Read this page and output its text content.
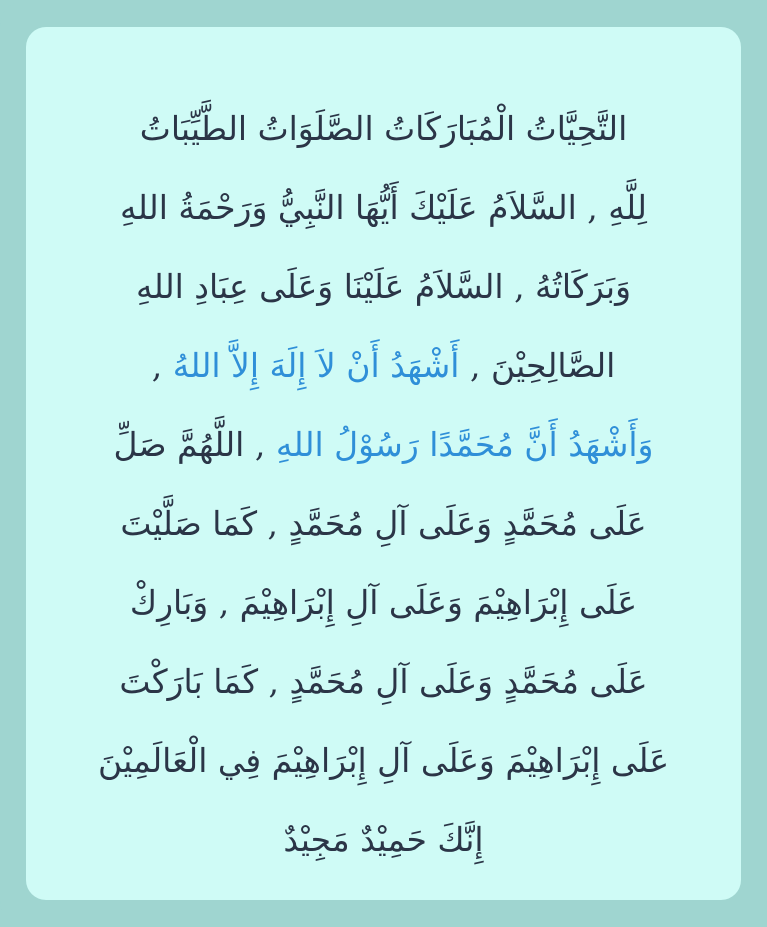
التَّحِيَّاتُ الْمُبَارَكَاتُ الصَّلَوَاتُ الطَّيِّبَاتُ
لِلَّهِ , السَّلاَمُ عَلَيْكَ أَيُّهَا النَّبِيُّ وَرَحْمَةُ اللهِ
وَبَرَكَاتُهُ , السَّلاَمُ عَلَيْنَا وَعَلَى عِبَادِ اللهِ
الصَّالِحِيْنَ , أَشْهَدُ أَنْ لاَ إِلَهَ إِلاَّ اللهُ ,
وَأَشْهَدُ أَنَّ مُحَمَّدًا رَسُوْلُ اللهِ , اللَّهُمَّ صَلِّ
عَلَى مُحَمَّدٍ وَعَلَى آلِ مُحَمَّدٍ , كَمَا صَلَّيْتَ
عَلَى إِبْرَاهِيْمَ وَعَلَى آلِ إِبْرَاهِيْمَ , وَبَارِكْ
عَلَى مُحَمَّدٍ وَعَلَى آلِ مُحَمَّدٍ , كَمَا بَارَكْتَ
عَلَى إِبْرَاهِيْمَ وَعَلَى آلِ إِبْرَاهِيْمَ فِي الْعَالَمِيْنَ
إِنَّكَ حَمِيْدٌ مَجِيْدٌ
